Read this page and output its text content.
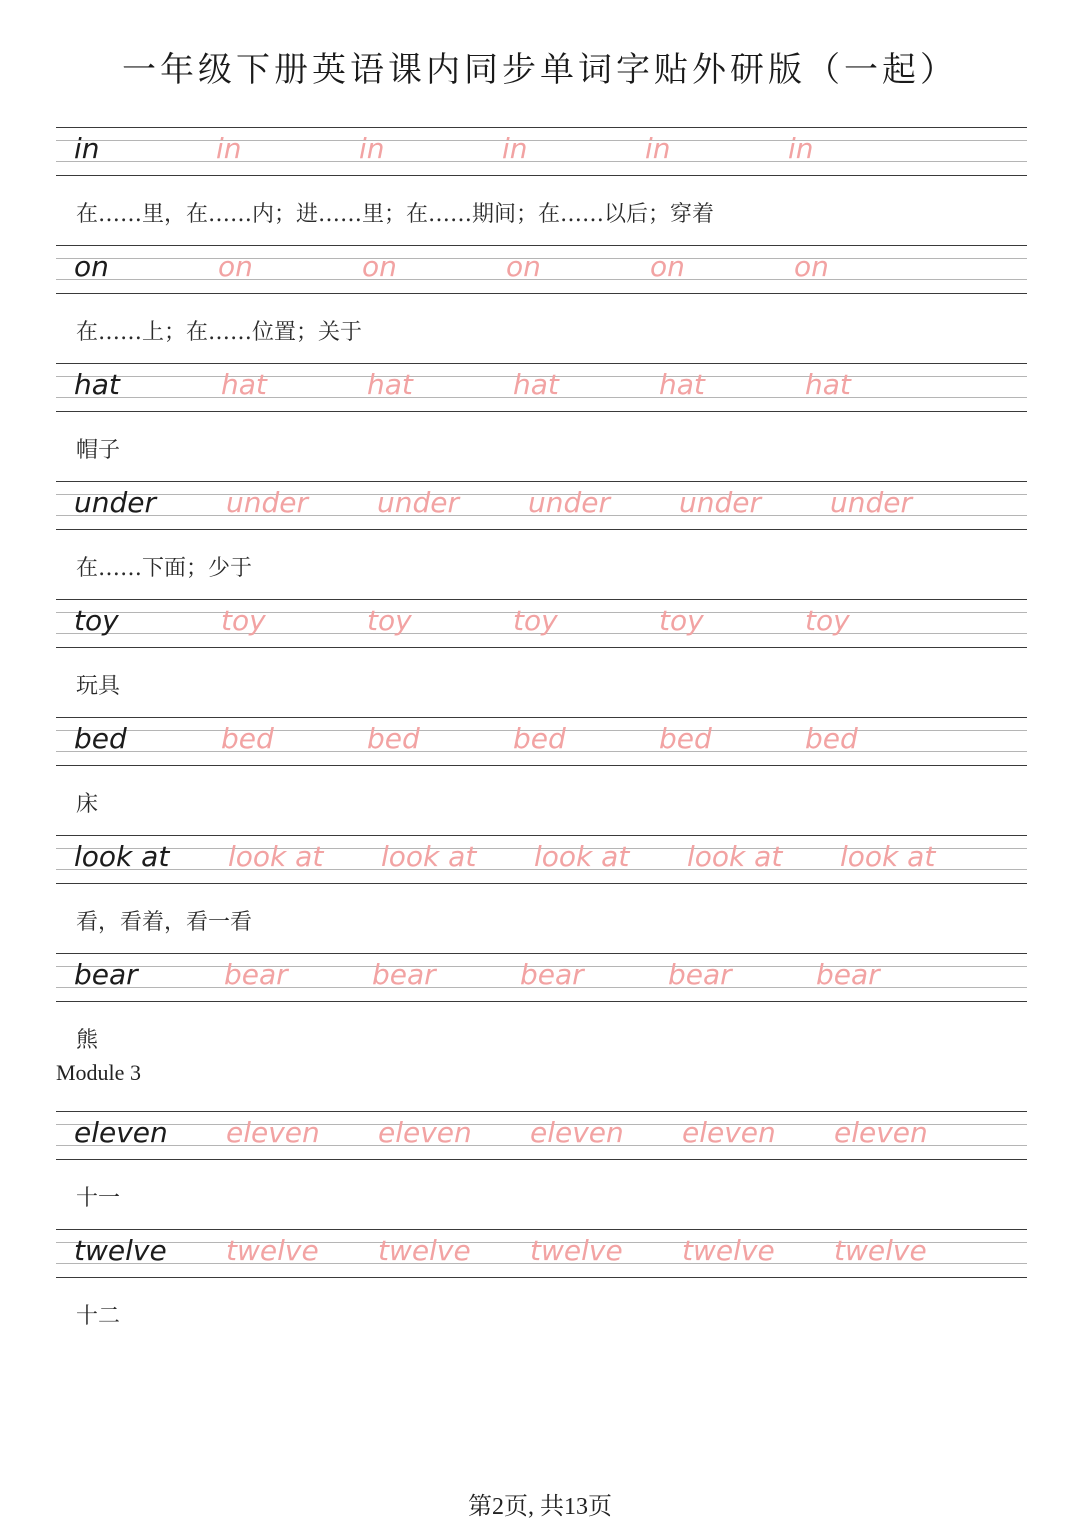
一年级下册英语课内同步单词字贴外研版（一起）
in	in	in	in	in	in
在……里，在……内；进……里；在……期间；在……以后；穿着
on	on	on	on	on	on
在……上；在……位置；关于
hat	hat	hat	hat	hat	hat
帽子
under under under under under under
在……下面；少于
toy	toy	toy	toy	toy	toy
玩具
bed	bed	bed	bed	bed	bed
床
look at look at look at look at look at look at
看，看着，看一看
bear	bear	bear	bear	bear	bear
熊
eleven eleven eleven eleven eleven eleven
十一
twelve twelve twelve twelve twelve twelve
十二
Module 3
第2页, 共13页
